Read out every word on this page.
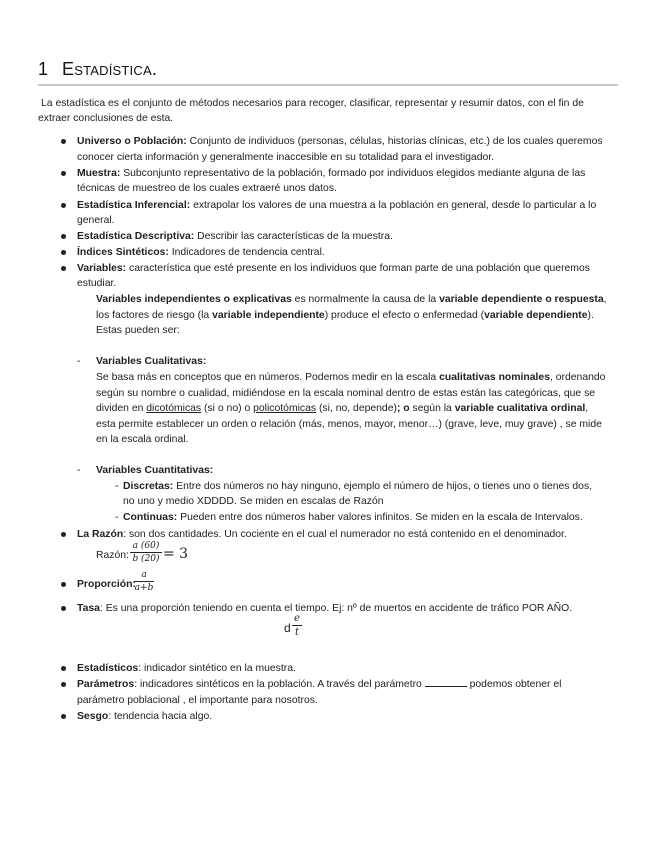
1 Estadística.
La estadística es el conjunto de métodos necesarios para recoger, clasificar, representar y resumir datos, con el fin de
extraer conclusiones de esta.
Universo o Población: Conjunto de individuos (personas, células, historias clínicas, etc.) de los cuales queremos
conocer cierta información y generalmente inaccesible en su totalidad para el investigador.
Muestra: Subconjunto representativo de la población, formado por individuos elegidos mediante alguna de las
técnicas de muestreo de los cuales extraeré unos datos.
Estadística Inferencial: extrapolar los valores de una muestra a la población en general, desde lo particular a lo
general.
Estadística Descriptiva: Describir las características de la muestra.
Índices Sintéticos: Indicadores de tendencia central.
Variables: característica que esté presente en los individuos que forman parte de una población que queremos
estudiar.
Variables independientes o explicativas es normalmente la causa de la variable dependiente o respuesta,
los factores de riesgo (la variable independiente) produce el efecto o enfermedad (variable dependiente).
Estas pueden ser:
- Variables Cualitativas:
Se basa más en conceptos que en números. Podemos medir en la escala cualitativas nominales, ordenando
según su nombre o cualidad, midiéndose en la escala nominal dentro de estas están las categóricas, que se
dividen en dicotómicas (si o no) o policotómicas (si, no, depende); o según la variable cualitativa ordinal,
esta permite establecer un orden o relación (más, menos, mayor, menor…) (grave, leve, muy grave) , se mide
en la escala ordinal.
- Variables Cuantitativas:
- Discretas: Entre dos números no hay ninguno, ejemplo el número de hijos, o tienes uno o tienes dos,
no uno y medio XDDDD. Se miden en escalas de Razón
- Continuas: Pueden entre dos números haber valores infinitos. Se miden en la escala de Intervalos.
La Razón: son dos cantidades. Un cociente en el cual el numerador no está contenido en el denominador.
Razón:
a (60)
b (20) = 3
Proporción:
a
a+b
Tasa: Es una proporción teniendo en cuenta el tiempo. Ej: nº de muertos en accidente de tráfico POR AÑO.
d
e
t
Estadísticos: indicador sintético en la muestra.
Parámetros: indicadores sintéticos en la población. A través del parámetro	podemos obtener el
parámetro poblacional , el importante para nosotros.
Sesgo: tendencia hacia algo.
